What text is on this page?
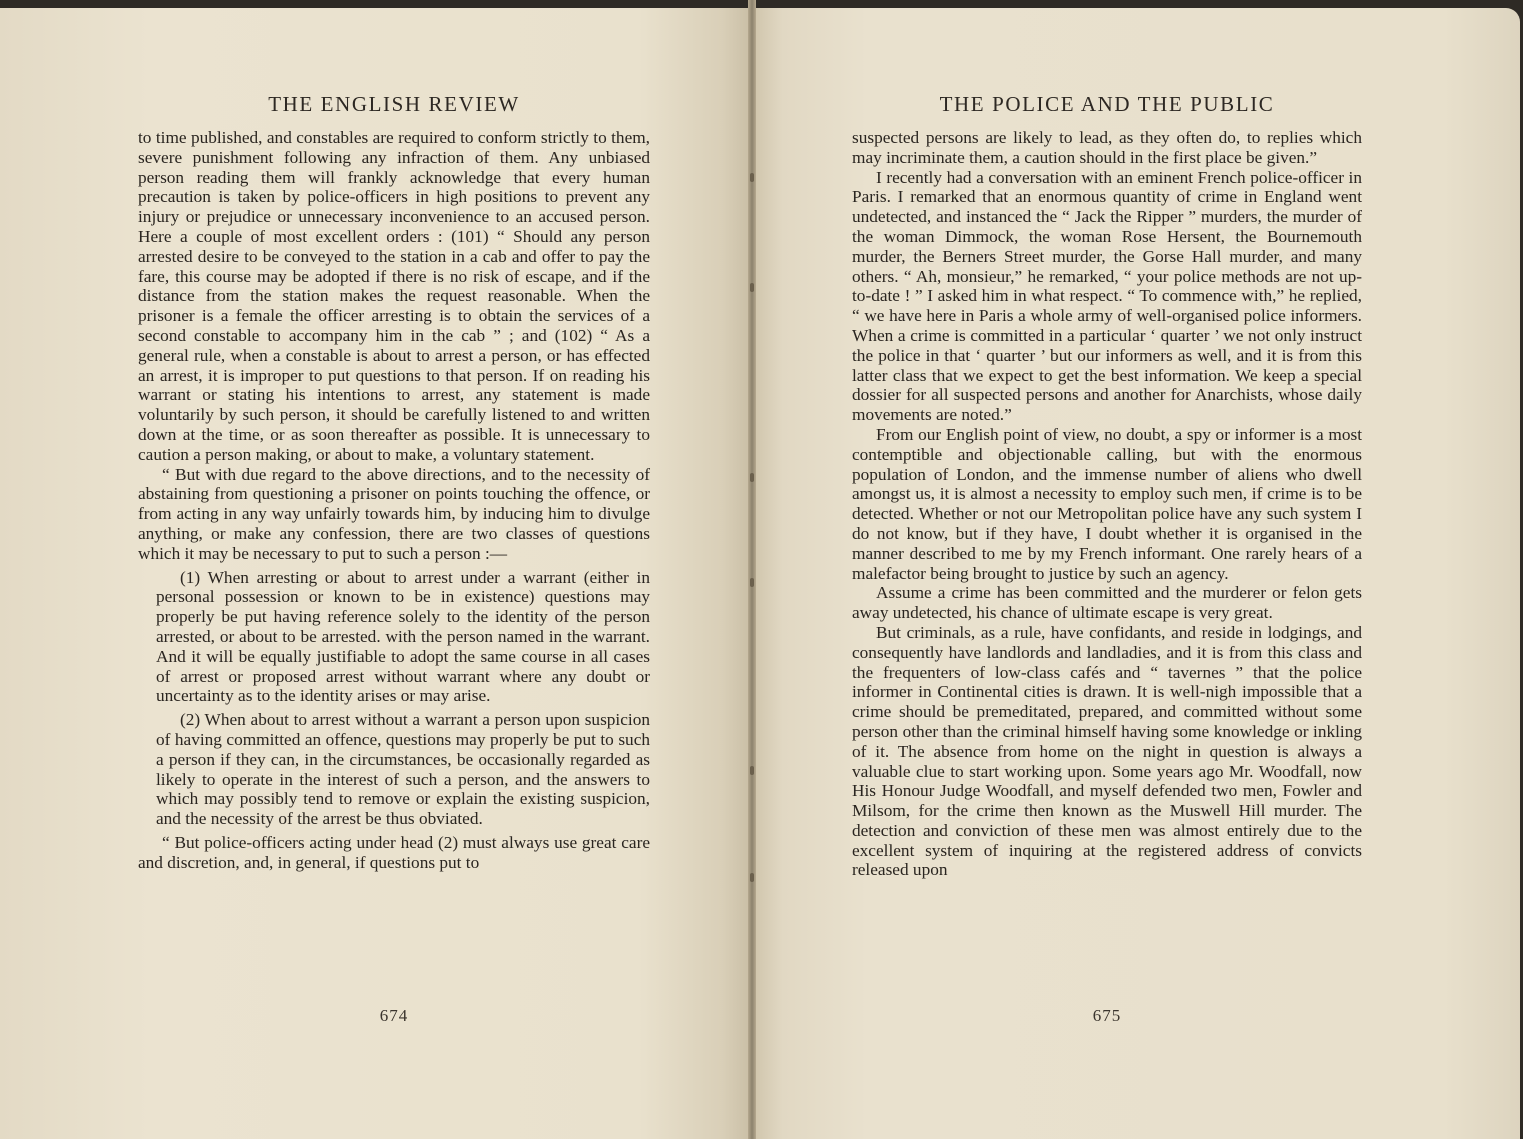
THE ENGLISH REVIEW

to time published, and constables are required to conform strictly to them, severe punishment following any infraction of them. Any unbiased person reading them will frankly acknowledge that every human precaution is taken by police-officers in high positions to prevent any injury or prejudice or unnecessary inconvenience to an accused person. Here a couple of most excellent orders : (101) “ Should any person arrested desire to be conveyed to the station in a cab and offer to pay the fare, this course may be adopted if there is no risk of escape, and if the distance from the station makes the request reasonable. When the prisoner is a female the officer arresting is to obtain the services of a second constable to accompany him in the cab ” ; and (102) “ As a general rule, when a constable is about to arrest a person, or has effected an arrest, it is improper to put questions to that person. If on reading his warrant or stating his intentions to arrest, any statement is made voluntarily by such person, it should be carefully listened to and written down at the time, or as soon thereafter as possible. It is unnecessary to caution a person making, or about to make, a voluntary statement.

“ But with due regard to the above directions, and to the necessity of abstaining from questioning a prisoner on points touching the offence, or from acting in any way unfairly towards him, by inducing him to divulge anything, or make any confession, there are two classes of questions which it may be necessary to put to such a person :—

(1) When arresting or about to arrest under a warrant (either in personal possession or known to be in existence) questions may properly be put having reference solely to the identity of the person arrested, or about to be arrested. with the person named in the warrant. And it will be equally justifiable to adopt the same course in all cases of arrest or proposed arrest without warrant where any doubt or uncertainty as to the identity arises or may arise.

(2) When about to arrest without a warrant a person upon suspicion of having committed an offence, questions may properly be put to such a person if they can, in the circumstances, be occasionally regarded as likely to operate in the interest of such a person, and the answers to which may possibly tend to remove or explain the existing suspicion, and the necessity of the arrest be thus obviated.

“ But police-officers acting under head (2) must always use great care and discretion, and, in general, if questions put to

674
THE POLICE AND THE PUBLIC

suspected persons are likely to lead, as they often do, to replies which may incriminate them, a caution should in the first place be given.”

I recently had a conversation with an eminent French police-officer in Paris. I remarked that an enormous quantity of crime in England went undetected, and instanced the “ Jack the Ripper ” murders, the murder of the woman Dimmock, the woman Rose Hersent, the Bournemouth murder, the Berners Street murder, the Gorse Hall murder, and many others. “ Ah, monsieur,” he remarked, “ your police methods are not up-to-date ! ” I asked him in what respect. “ To commence with,” he replied, “ we have here in Paris a whole army of well-organised police informers. When a crime is committed in a particular ‘ quarter ’ we not only instruct the police in that ‘ quarter ’ but our informers as well, and it is from this latter class that we expect to get the best information. We keep a special dossier for all suspected persons and another for Anarchists, whose daily movements are noted.”

From our English point of view, no doubt, a spy or informer is a most contemptible and objectionable calling, but with the enormous population of London, and the immense number of aliens who dwell amongst us, it is almost a necessity to employ such men, if crime is to be detected. Whether or not our Metropolitan police have any such system I do not know, but if they have, I doubt whether it is organised in the manner described to me by my French informant. One rarely hears of a malefactor being brought to justice by such an agency.

Assume a crime has been committed and the murderer or felon gets away undetected, his chance of ultimate escape is very great.

But criminals, as a rule, have confidants, and reside in lodgings, and consequently have landlords and landladies, and it is from this class and the frequenters of low-class cafés and “ tavernes ” that the police informer in Continental cities is drawn. It is well-nigh impossible that a crime should be premeditated, prepared, and committed without some person other than the criminal himself having some knowledge or inkling of it. The absence from home on the night in question is always a valuable clue to start working upon. Some years ago Mr. Woodfall, now His Honour Judge Woodfall, and myself defended two men, Fowler and Milsom, for the crime then known as the Muswell Hill murder. The detection and conviction of these men was almost entirely due to the excellent system of inquiring at the registered address of convicts released upon

675
